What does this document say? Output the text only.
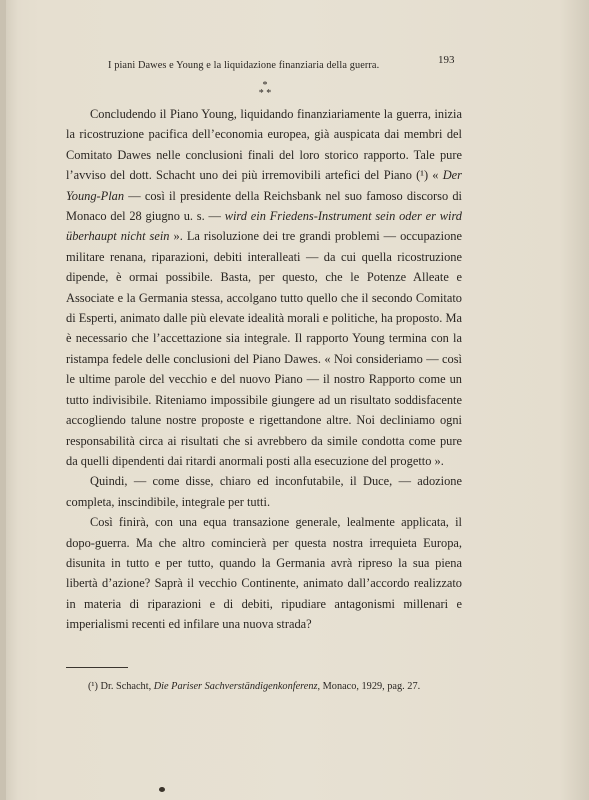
I piani Dawes e Young e la liquidazione finanziaria della guerra.	193
*
* *

Concludendo il Piano Young, liquidando finanziariamente la guerra, inizia la ricostruzione pacifica dell’economia europea, già auspicata dai membri del Comitato Dawes nelle conclusioni finali del loro storico rapporto. Tale pure l’avviso del dott. Schacht uno dei più irremovibili artefici del Piano (¹) « Der Young-Plan — così il presidente della Reichsbank nel suo famoso discorso di Monaco del 28 giugno u. s. — wird ein Friedens-Instrument sein oder er wird überhaupt nicht sein ». La risoluzione dei tre grandi problemi — occupazione militare renana, riparazioni, debiti interalleati — da cui quella ricostruzione dipende, è ormai possibile. Basta, per questo, che le Potenze Alleate e Associate e la Germania stessa, accolgano tutto quello che il secondo Comitato di Esperti, animato dalle più elevate idealità morali e politiche, ha proposto. Ma è necessario che l’accettazione sia integrale. Il rapporto Young termina con la ristampa fedele delle conclusioni del Piano Dawes. « Noi consideriamo — così le ultime parole del vecchio e del nuovo Piano — il nostro Rapporto come un tutto indivisibile. Riteniamo impossibile giungere ad un risultato soddisfacente accogliendo talune nostre proposte e rigettandone altre. Noi decliniamo ogni responsabilità circa ai risultati che si avrebbero da simile condotta come pure da quelli dipendenti dai ritardi anormali posti alla esecuzione del progetto ».

Quindi, — come disse, chiaro ed inconfutabile, il Duce, — adozione completa, inscindibile, integrale per tutti.

Così finirà, con una equa transazione generale, lealmente applicata, il dopo-guerra. Ma che altro comincierà per questa nostra irrequieta Europa, disunita in tutto e per tutto, quando la Germania avrà ripreso la sua piena libertà d’azione? Saprà il vecchio Continente, animato dall’accordo realizzato in materia di riparazioni e di debiti, ripudiare antagonismi millenari e imperialismi recenti ed infilare una nuova strada?

(¹) Dr. Schacht, Die Pariser Sachverständigenkonferenz, Monaco, 1929, pag. 27.
